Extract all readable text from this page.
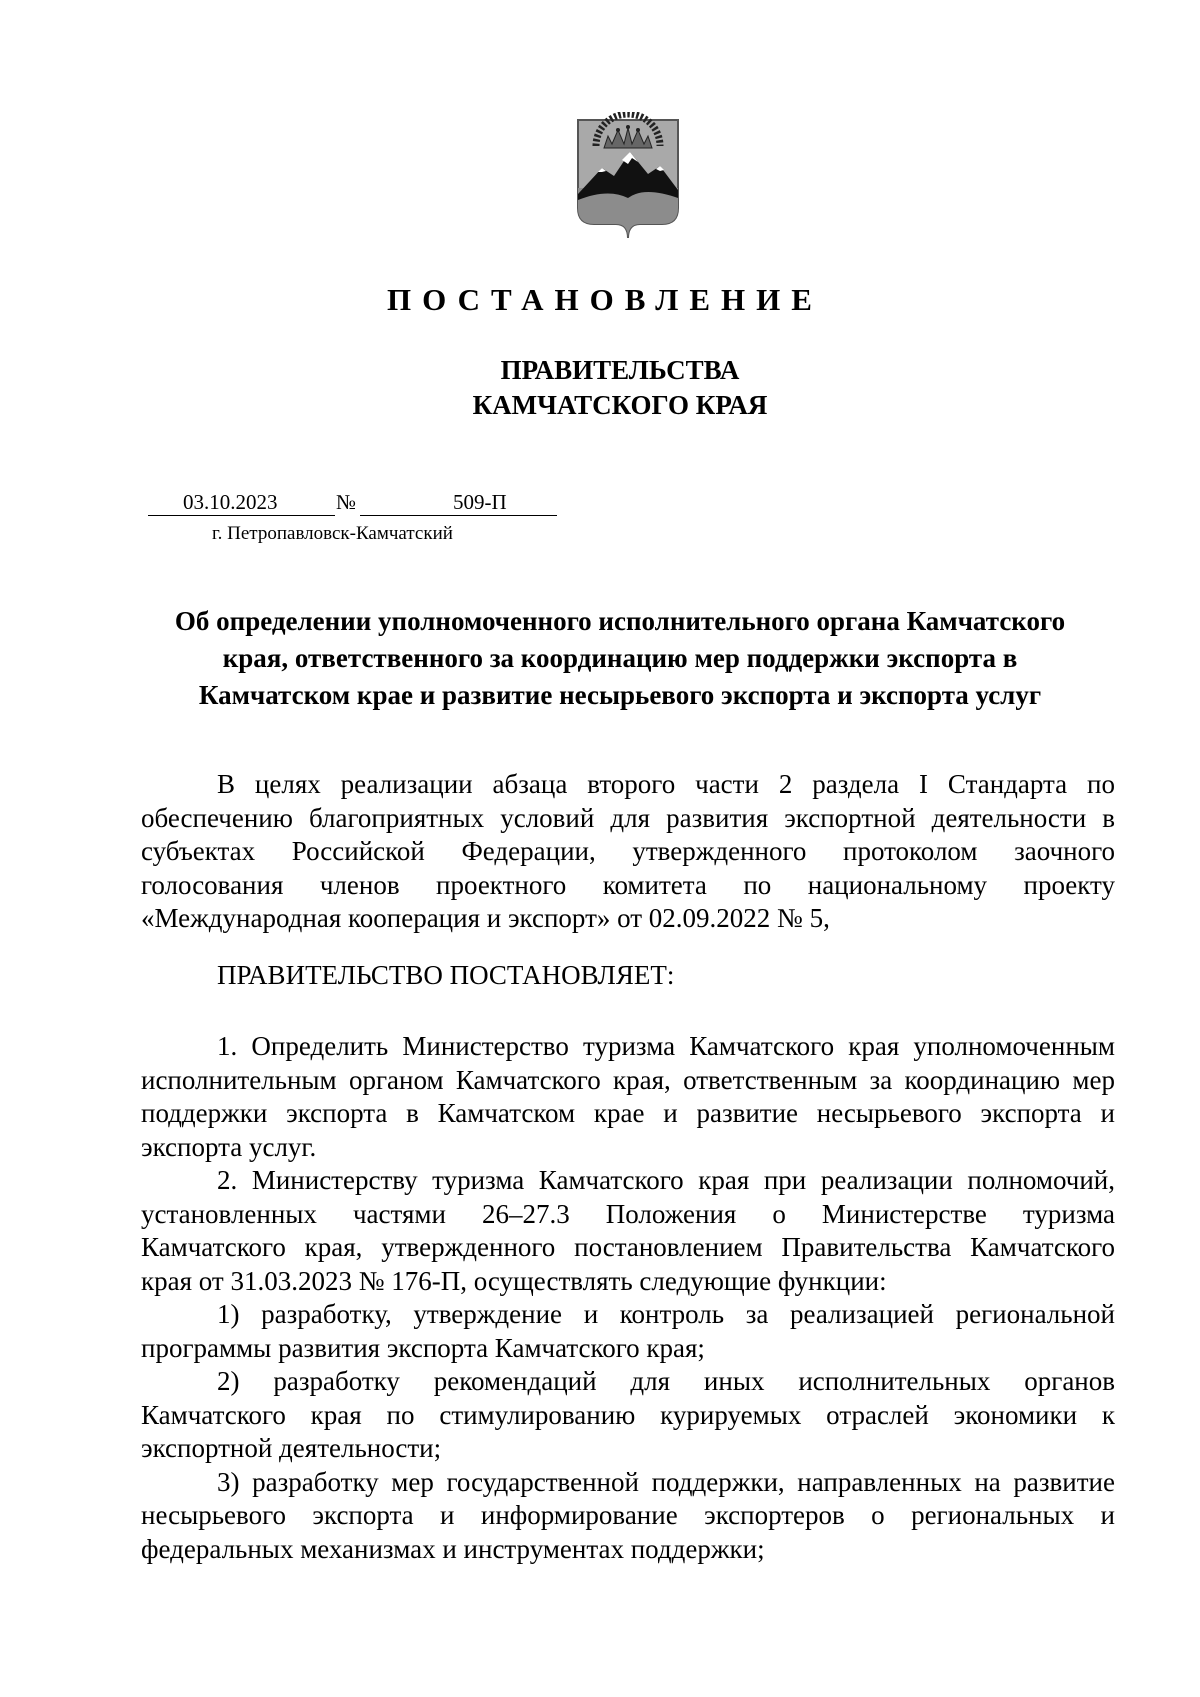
ПОСТАНОВЛЕНИЕ
ПРАВИТЕЛЬСТВА
КАМЧАТСКОГО КРАЯ
03.10.2023	№	509-П
г. Петропавловск-Камчатский
Об определении уполномоченного исполнительного органа Камчатского
края, ответственного за координацию мер поддержки экспорта в
Камчатском крае и развитие несырьевого экспорта и экспорта услуг
В целях реализации абзаца второго части 2 раздела I Стандарта по
обеспечению благоприятных условий для развития экспортной деятельности в
субъектах Российской Федерации, утвержденного протоколом заочного
голосования членов проектного комитета по национальному проекту
«Международная кооперация и экспорт» от 02.09.2022 № 5,
ПРАВИТЕЛЬСТВО ПОСТАНОВЛЯЕТ:
1. Определить Министерство туризма Камчатского края уполномоченным
исполнительным органом Камчатского края, ответственным за координацию мер
поддержки экспорта в Камчатском крае и развитие несырьевого экспорта и
экспорта услуг.
2. Министерству туризма Камчатского края при реализации полномочий,
установленных частями 26–27.3 Положения о Министерстве туризма
Камчатского края, утвержденного постановлением Правительства Камчатского
края от 31.03.2023 № 176-П, осуществлять следующие функции:
1) разработку, утверждение и контроль за реализацией региональной
программы развития экспорта Камчатского края;
2) разработку рекомендаций для иных исполнительных органов
Камчатского края по стимулированию курируемых отраслей экономики к
экспортной деятельности;
3) разработку мер государственной поддержки, направленных на развитие
несырьевого экспорта и информирование экспортеров о региональных и
федеральных механизмах и инструментах поддержки;
